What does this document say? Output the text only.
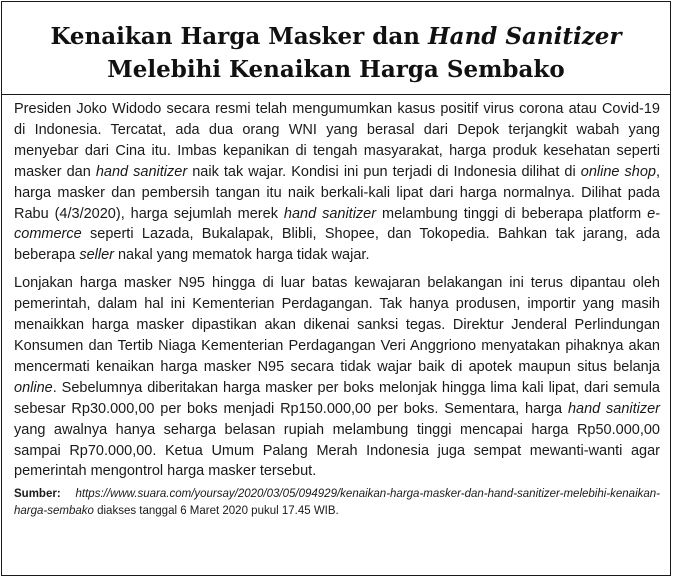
Kenaikan Harga Masker dan Hand Sanitizer
Melebihi Kenaikan Harga Sembako

Presiden Joko Widodo secara resmi telah mengumumkan kasus positif virus corona atau Covid-19 di Indonesia. Tercatat, ada dua orang WNI yang berasal dari Depok terjangkit wabah yang menyebar dari Cina itu. Imbas kepanikan di tengah masyarakat, harga produk kesehatan seperti masker dan hand sanitizer naik tak wajar. Kondisi ini pun terjadi di Indonesia dilihat di online shop, harga masker dan pembersih tangan itu naik berkali-kali lipat dari harga normalnya. Dilihat pada Rabu (4/3/2020), harga sejumlah merek hand sanitizer melambung tinggi di beberapa platform e-commerce seperti Lazada, Bukalapak, Blibli, Shopee, dan Tokopedia. Bahkan tak jarang, ada beberapa seller nakal yang mematok harga tidak wajar.

Lonjakan harga masker N95 hingga di luar batas kewajaran belakangan ini terus dipantau oleh pemerintah, dalam hal ini Kementerian Perdagangan. Tak hanya produsen, importir yang masih menaikkan harga masker dipastikan akan dikenai sanksi tegas. Direktur Jenderal Perlindungan Konsumen dan Tertib Niaga Kementerian Perdagangan Veri Anggriono menyatakan pihaknya akan mencermati kenaikan harga masker N95 secara tidak wajar baik di apotek maupun situs belanja online. Sebelumnya diberitakan harga masker per boks melonjak hingga lima kali lipat, dari semula sebesar Rp30.000,00 per boks menjadi Rp150.000,00 per boks. Sementara, harga hand sanitizer yang awalnya hanya seharga belasan rupiah melambung tinggi mencapai harga Rp50.000,00 sampai Rp70.000,00. Ketua Umum Palang Merah Indonesia juga sempat mewanti-wanti agar pemerintah mengontrol harga masker tersebut.

Sumber: https://www.suara.com/yoursay/2020/03/05/094929/kenaikan-harga-masker-dan-hand-sanitizer-melebihi-kenaikan-harga-sembako diakses tanggal 6 Maret 2020 pukul 17.45 WIB.
